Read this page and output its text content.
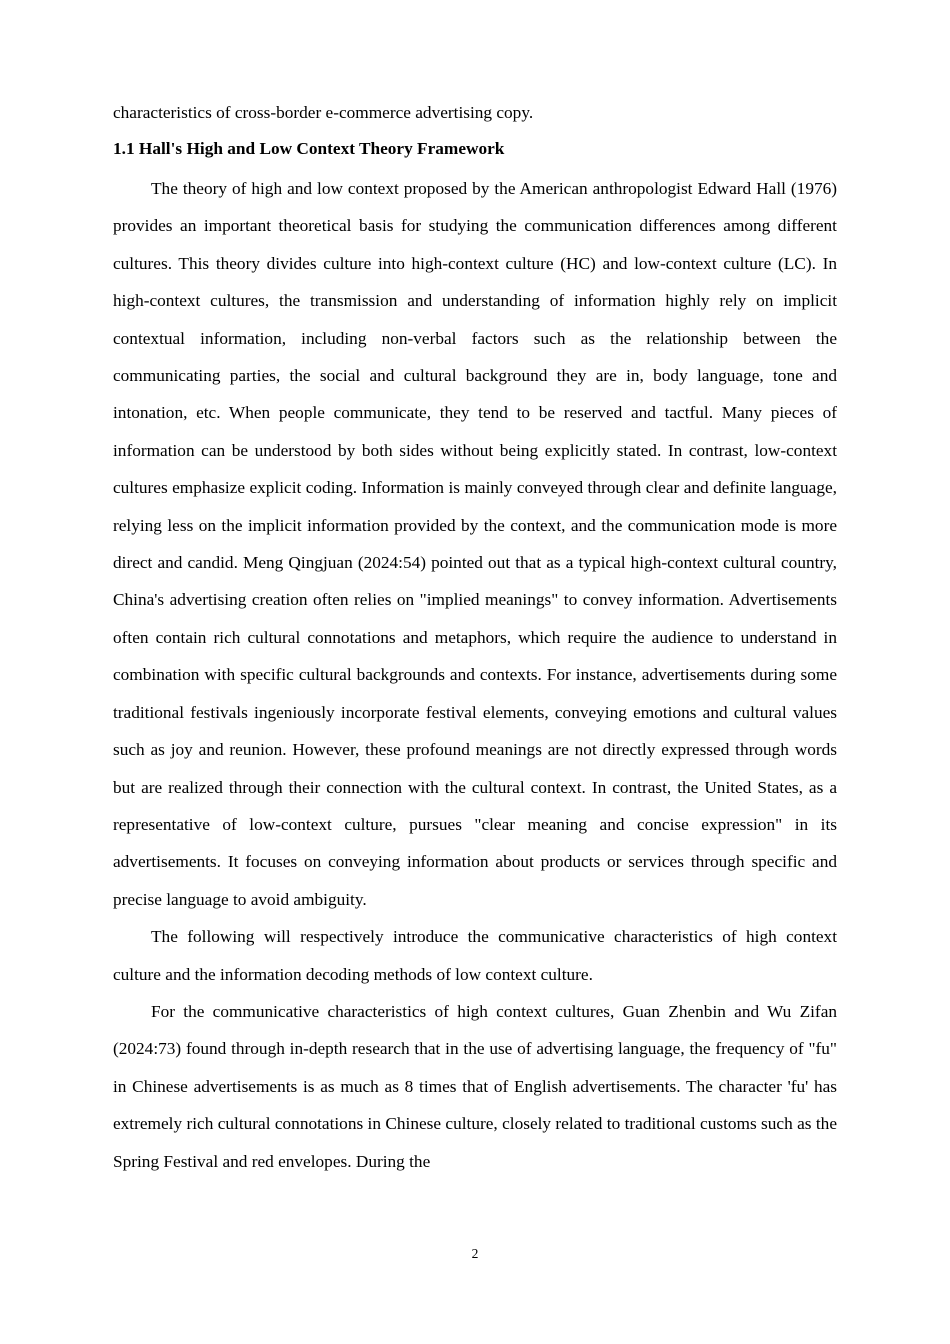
characteristics of cross-border e-commerce advertising copy.

1.1 Hall's High and Low Context Theory Framework

The theory of high and low context proposed by the American anthropologist Edward Hall (1976) provides an important theoretical basis for studying the communication differences among different cultures. This theory divides culture into high-context culture (HC) and low-context culture (LC). In high-context cultures, the transmission and understanding of information highly rely on implicit contextual information, including non-verbal factors such as the relationship between the communicating parties, the social and cultural background they are in, body language, tone and intonation, etc. When people communicate, they tend to be reserved and tactful. Many pieces of information can be understood by both sides without being explicitly stated. In contrast, low-context cultures emphasize explicit coding. Information is mainly conveyed through clear and definite language, relying less on the implicit information provided by the context, and the communication mode is more direct and candid. Meng Qingjuan (2024:54) pointed out that as a typical high-context cultural country, China's advertising creation often relies on "implied meanings" to convey information. Advertisements often contain rich cultural connotations and metaphors, which require the audience to understand in combination with specific cultural backgrounds and contexts. For instance, advertisements during some traditional festivals ingeniously incorporate festival elements, conveying emotions and cultural values such as joy and reunion. However, these profound meanings are not directly expressed through words but are realized through their connection with the cultural context. In contrast, the United States, as a representative of low-context culture, pursues "clear meaning and concise expression" in its advertisements. It focuses on conveying information about products or services through specific and precise language to avoid ambiguity.

The following will respectively introduce the communicative characteristics of high context culture and the information decoding methods of low context culture.

For the communicative characteristics of high context cultures, Guan Zhenbin and Wu Zifan (2024:73) found through in-depth research that in the use of advertising language, the frequency of "fu" in Chinese advertisements is as much as 8 times that of English advertisements. The character 'fu' has extremely rich cultural connotations in Chinese culture, closely related to traditional customs such as the Spring Festival and red envelopes. During the

2
